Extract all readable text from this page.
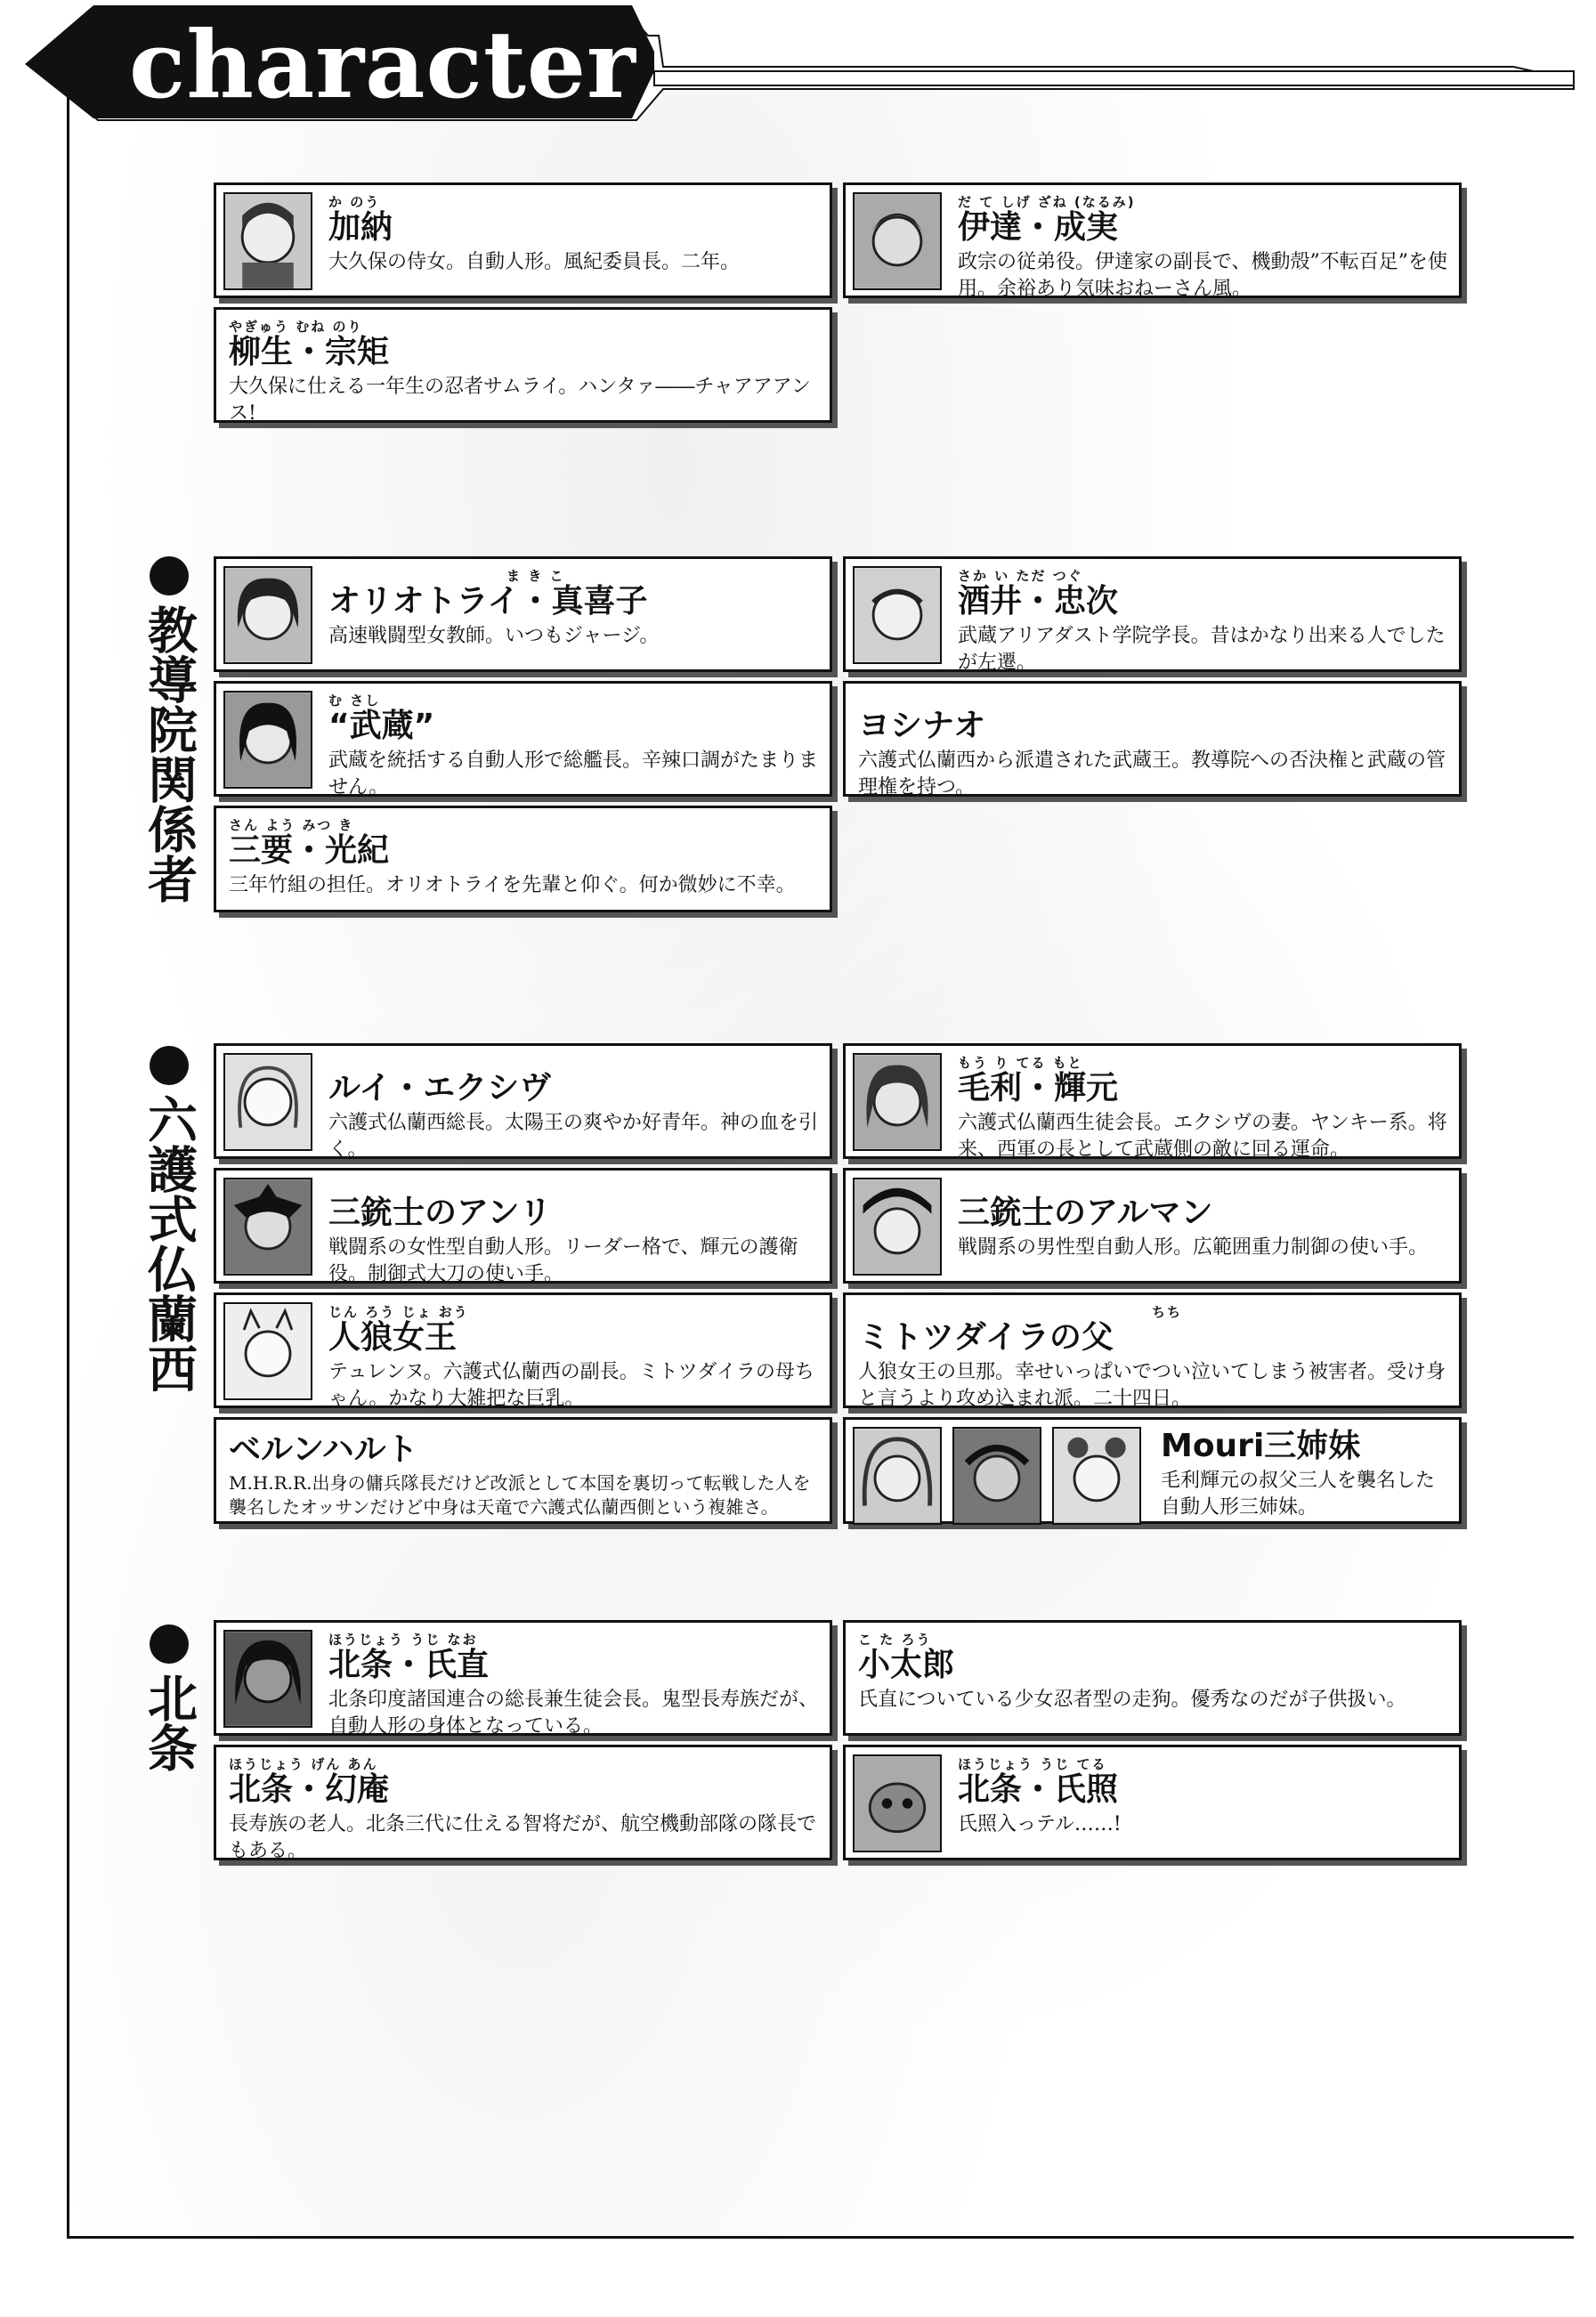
character
教導院関係者
六護式仏蘭西
北条
か のう
加納
大久保の侍女。自動人形。風紀委員長。二年。
だ て しげ ざね (なるみ)
伊達・成実
政宗の従弟役。伊達家の副長で、機動殻”不転百足”を使用。余裕あり気味おねーさん風。
やぎゅう むね のり
柳生・宗矩
大久保に仕える一年生の忍者サムライ。ハンタァ――チャアアアンス!
ま き こ
オリオトライ・真喜子
高速戦闘型女教師。いつもジャージ。
さか い ただ つぐ
酒井・忠次
武蔵アリアダスト学院学長。昔はかなり出来る人でしたが左遷。
む さし
“武蔵”
武蔵を統括する自動人形で総艦長。辛辣口調がたまりません。
ヨシナオ
六護式仏蘭西から派遣された武蔵王。教導院への否決権と武蔵の管理権を持つ。
さん よう みつ き
三要・光紀
三年竹組の担任。オリオトライを先輩と仰ぐ。何か微妙に不幸。
ルイ・エクシヴ
六護式仏蘭西総長。太陽王の爽やか好青年。神の血を引く。
もう り てる もと
毛利・輝元
六護式仏蘭西生徒会長。エクシヴの妻。ヤンキー系。将来、西軍の長として武蔵側の敵に回る運命。
三銃士のアンリ
戦闘系の女性型自動人形。リーダー格で、輝元の護衛役。制御式大刀の使い手。
三銃士のアルマン
戦闘系の男性型自動人形。広範囲重力制御の使い手。
じん ろう じょ おう
人狼女王
テュレンヌ。六護式仏蘭西の副長。ミトツダイラの母ちゃん。かなり大雑把な巨乳。
ちち
ミトツダイラの父
人狼女王の旦那。幸せいっぱいでつい泣いてしまう被害者。受け身と言うより攻め込まれ派。二十四日。
ベルンハルト
M.H.R.R.出身の傭兵隊長だけど改派として本国を裏切って転戦した人を襲名したオッサンだけど中身は天竜で六護式仏蘭西側という複雑さ。
Mouri三姉妹
毛利輝元の叔父三人を襲名した自動人形三姉妹。
ほうじょう うじ なお
北条・氏直
北条印度諸国連合の総長兼生徒会長。鬼型長寿族だが、自動人形の身体となっている。
こ た ろう
小太郎
氏直についている少女忍者型の走狗。優秀なのだが子供扱い。
ほうじょう げん あん
北条・幻庵
長寿族の老人。北条三代に仕える智将だが、航空機動部隊の隊長でもある。
ほうじょう うじ てる
北条・氏照
氏照入っテル……!
